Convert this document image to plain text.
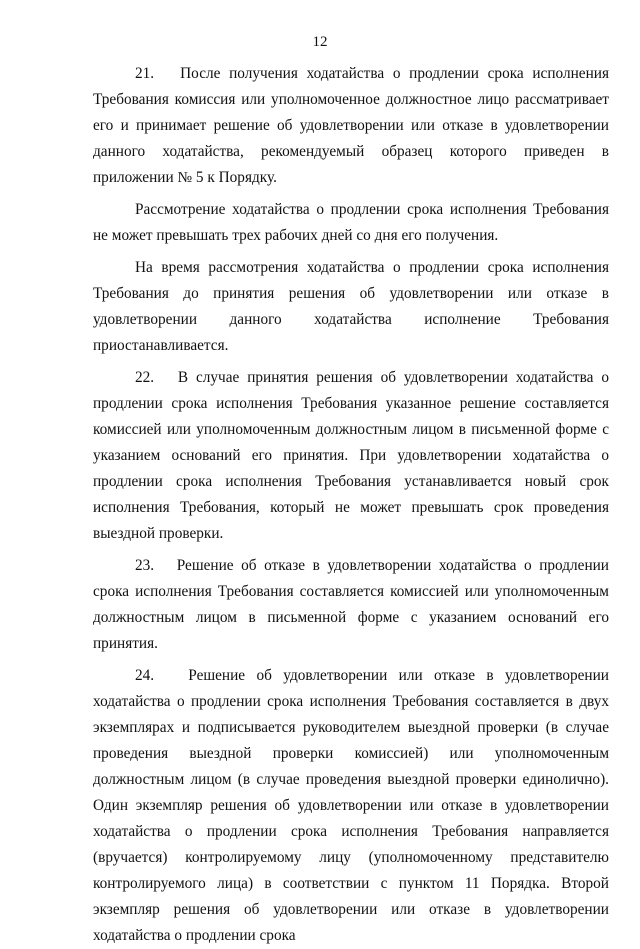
12

21.   После получения ходатайства о продлении срока исполнения Требования комиссия или уполномоченное должностное лицо рассматривает его и принимает решение об удовлетворении или отказе в удовлетворении данного ходатайства, рекомендуемый образец которого приведен в приложении № 5 к Порядку.

Рассмотрение ходатайства о продлении срока исполнения Требования не может превышать трех рабочих дней со дня его получения.

На время рассмотрения ходатайства о продлении срока исполнения Требования до принятия решения об удовлетворении или отказе в удовлетворении данного ходатайства исполнение Требования приостанавливается.

22.   В случае принятия решения об удовлетворении ходатайства о продлении срока исполнения Требования указанное решение составляется комиссией или уполномоченным должностным лицом в письменной форме с указанием оснований его принятия. При удовлетворении ходатайства о продлении срока исполнения Требования устанавливается новый срок исполнения Требования, который не может превышать срок проведения выездной проверки.

23.   Решение об отказе в удовлетворении ходатайства о продлении срока исполнения Требования составляется комиссией или уполномоченным должностным лицом в письменной форме с указанием оснований его принятия.

24.   Решение об удовлетворении или отказе в удовлетворении ходатайства о продлении срока исполнения Требования составляется в двух экземплярах и подписывается руководителем выездной проверки (в случае проведения выездной проверки комиссией) или уполномоченным должностным лицом (в случае проведения выездной проверки единолично). Один экземпляр решения об удовлетворении или отказе в удовлетворении ходатайства о продлении срока исполнения Требования направляется (вручается) контролируемому лицу (уполномоченному представителю контролируемого лица) в соответствии с пунктом 11 Порядка. Второй экземпляр решения об удовлетворении или отказе в удовлетворении ходатайства о продлении срока
